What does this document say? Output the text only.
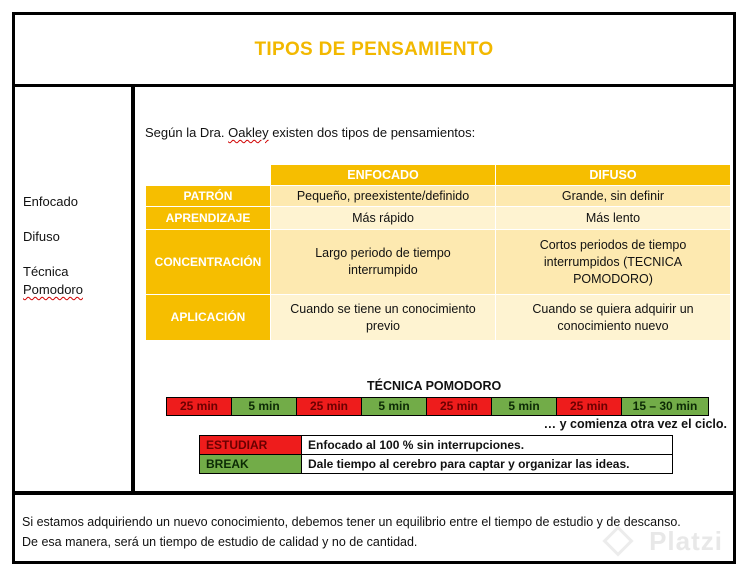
TIPOS DE PENSAMIENTO
Enfocado
Difuso
Técnica
Pomodoro
Según la Dra. Oakley existen dos tipos de pensamientos:
	ENFOCADO	DIFUSO
PATRÓN	Pequeño, preexistente/definido	Grande, sin definir
APRENDIZAJE	Más rápido	Más lento
CONCENTRACIÓN	Largo periodo de tiempo interrumpido	Cortos periodos de tiempo interrumpidos (TECNICA POMODORO)
APLICACIÓN	Cuando se tiene un conocimiento previo	Cuando se quiera adquirir un conocimiento nuevo
TÉCNICA POMODORO
25 min	5 min	25 min	5 min	25 min	5 min	25 min	15 – 30 min
… y comienza otra vez el ciclo.
ESTUDIAR	Enfocado al 100 % sin interrupciones.
BREAK	Dale tiempo al cerebro para captar y organizar las ideas.

Si estamos adquiriendo un nuevo conocimiento, debemos tener un equilibrio entre el tiempo de estudio y de descanso.

De esa manera, será un tiempo de estudio de calidad y no de cantidad.	Platzi
